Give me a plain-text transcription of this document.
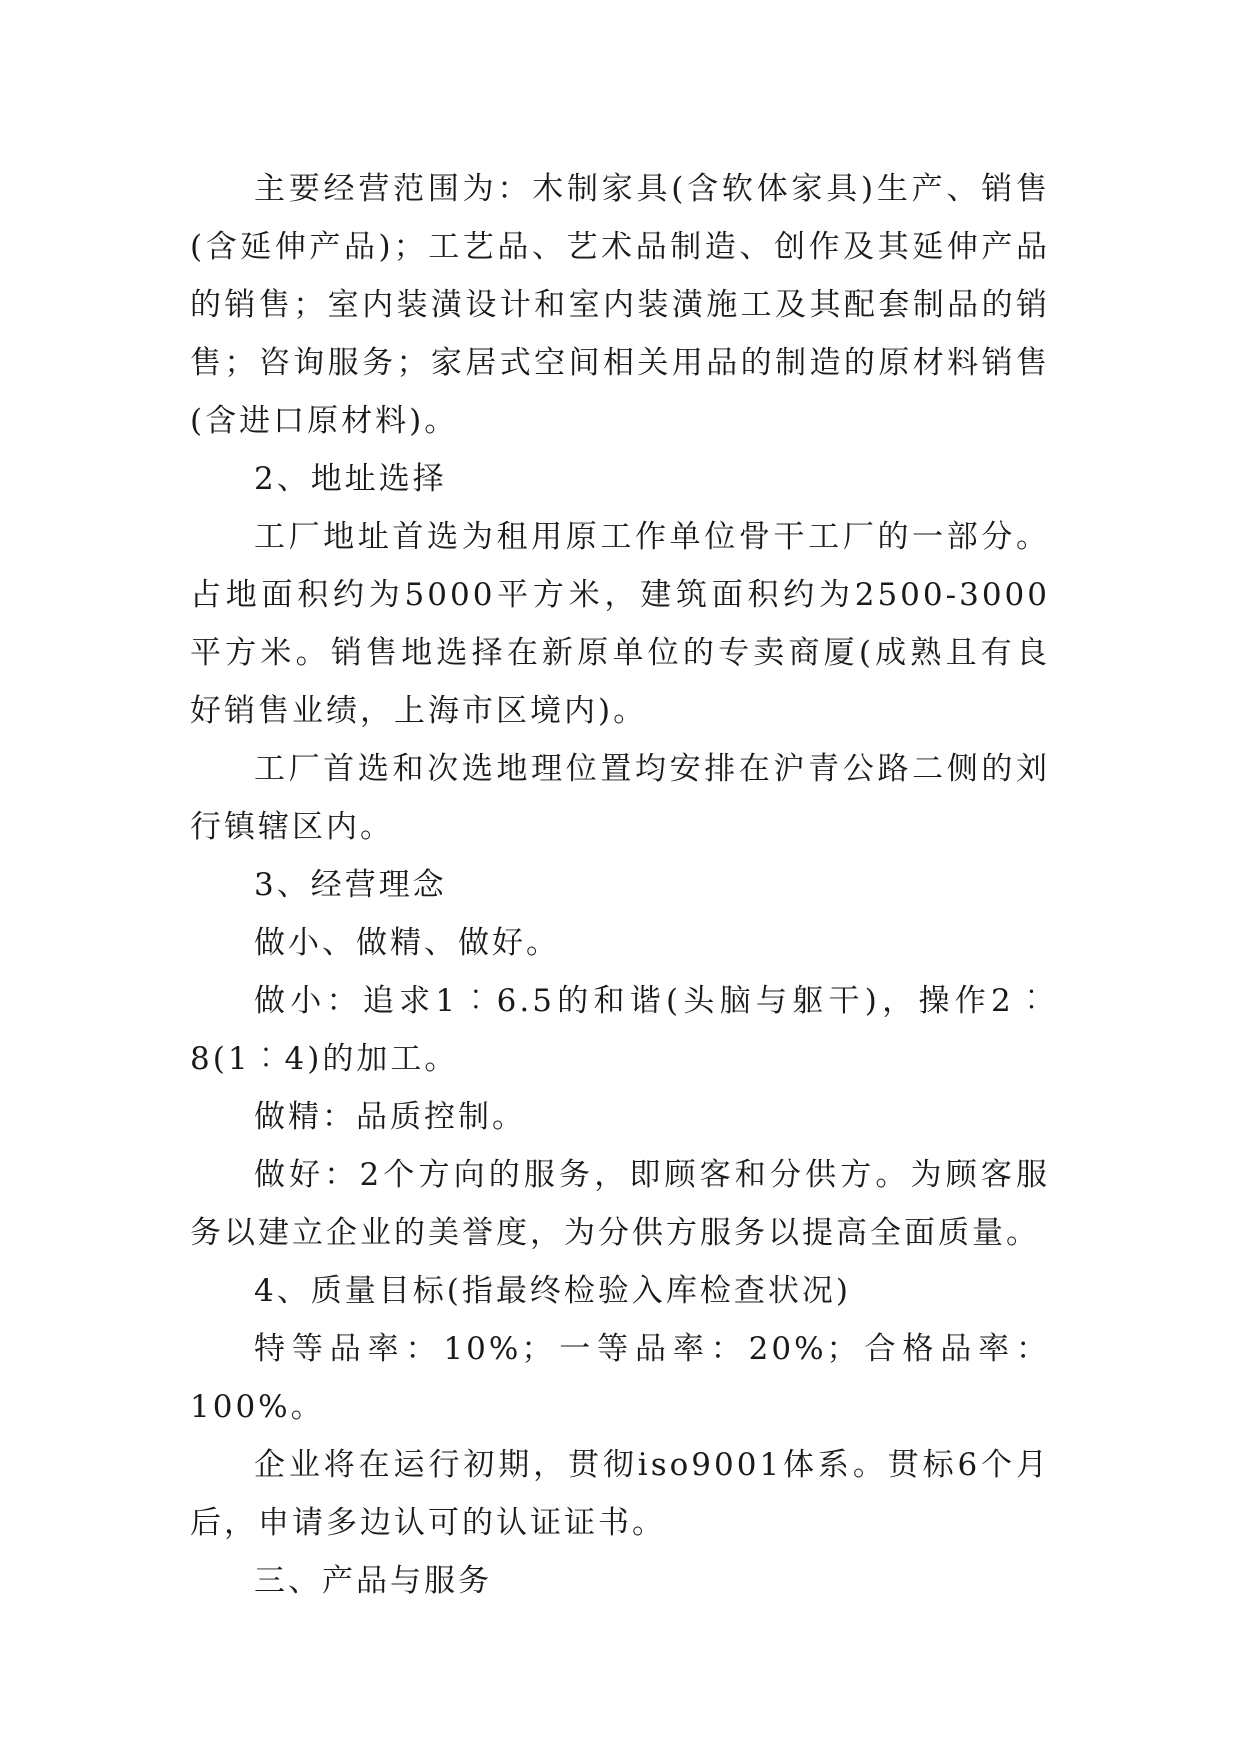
主要经营范围为：木制家具(含软体家具)生产、销售(含延伸产品)；工艺品、艺术品制造、创作及其延伸产品的销售；室内装潢设计和室内装潢施工及其配套制品的销售；咨询服务；家居式空间相关用品的制造的原材料销售(含进口原材料)。

2、地址选择

工厂地址首选为租用原工作单位骨干工厂的一部分。占地面积约为5000平方米，建筑面积约为2500-3000平方米。销售地选择在新原单位的专卖商厦(成熟且有良好销售业绩，上海市区境内)。

工厂首选和次选地理位置均安排在沪青公路二侧的刘行镇辖区内。

3、经营理念

做小、做精、做好。

做小：追求1︰6.5的和谐(头脑与躯干)，操作2︰8(1︰4)的加工。

做精：品质控制。

做好：2个方向的服务，即顾客和分供方。为顾客服务以建立企业的美誉度，为分供方服务以提高全面质量。

4、质量目标(指最终检验入库检查状况)

特等品率：10%；一等品率：20%；合格品率：100%。

企业将在运行初期，贯彻iso9001体系。贯标6个月后，申请多边认可的认证证书。

三、产品与服务
